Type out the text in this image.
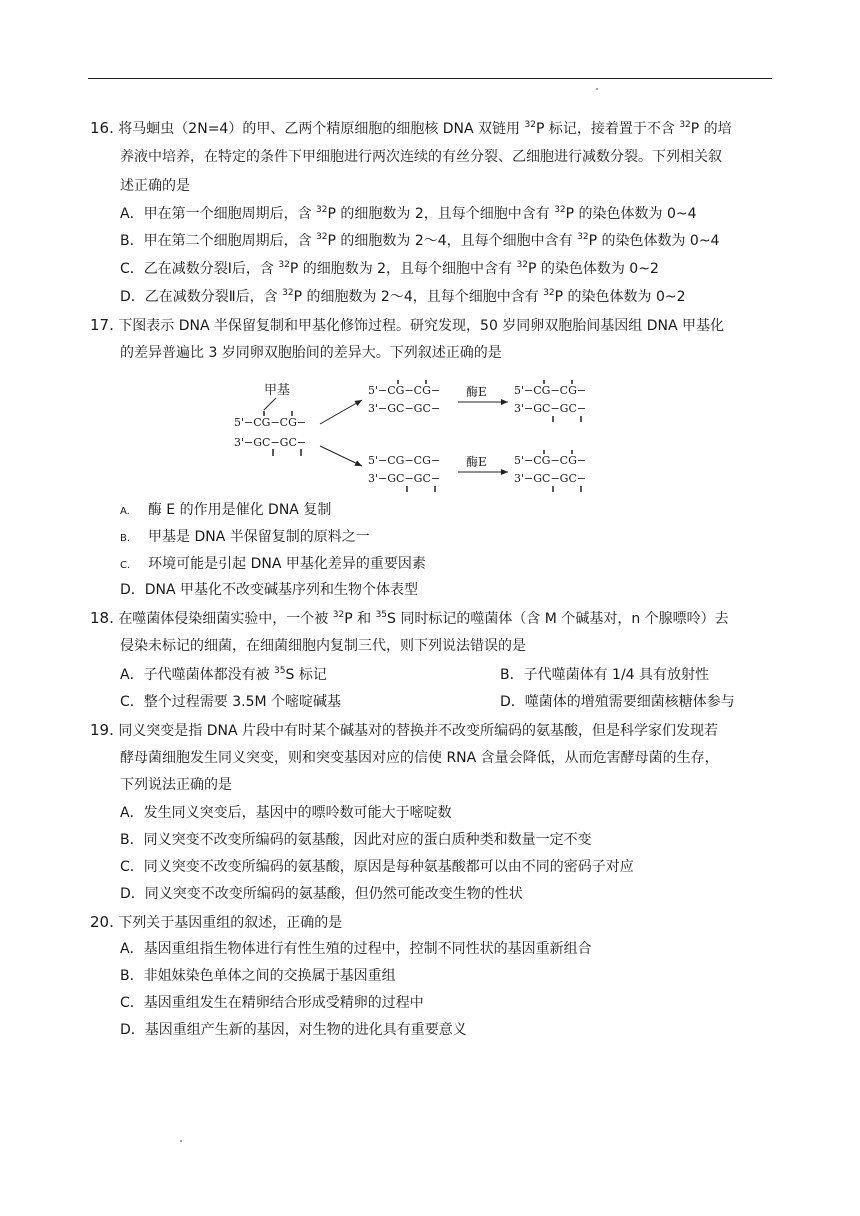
16. 将马蛔虫（2N=4）的甲、乙两个精原细胞的细胞核 DNA 双链用 $^{32}$P 标记，接着置于不含 $^{32}$P 的培
养液中培养，在特定的条件下甲细胞进行两次连续的有丝分裂、乙细胞进行减数分裂。下列相关叙
述正确的是
A．甲在第一个细胞周期后，含 $^{32}$P 的细胞数为 2，且每个细胞中含有 $^{32}$P 的染色体数为 0~4
B．甲在第二个细胞周期后，含 $^{32}$P 的细胞数为 2～4，且每个细胞中含有 $^{32}$P 的染色体数为 0~4
C．乙在减数分裂Ⅰ后，含 $^{32}$P 的细胞数为 2，且每个细胞中含有 $^{32}$P 的染色体数为 0~2
D．乙在减数分裂Ⅱ后，含 $^{32}$P 的细胞数为 2～4，且每个细胞中含有 $^{32}$P 的染色体数为 0~2
17. 下图表示 DNA 半保留复制和甲基化修饰过程。研究发现，50 岁同卵双胞胎间基因组 DNA 甲基化
的差异普遍比 3 岁同卵双胞胎间的差异大。下列叙述正确的是
甲基
5'−CG−CG−
3'−GC−GC−
5'−CG−CG−
3'−GC−GC−
酶E 5'−CG−CG−
3'−GC−GC−
5'−CG−CG−
3'−GC−GC−
酶E 5'−CG−CG−
3'−GC−GC−
A. 酶 E 的作用是催化 DNA 复制
B. 甲基是 DNA 半保留复制的原料之一
C. 环境可能是引起 DNA 甲基化差异的重要因素
D．DNA 甲基化不改变碱基序列和生物个体表型
18. 在噬菌体侵染细菌实验中，一个被 $^{32}$P 和 $^{35}$S 同时标记的噬菌体（含 M 个碱基对，n 个腺嘌呤）去
侵染未标记的细菌，在细菌细胞内复制三代，则下列说法错误的是
A．子代噬菌体都没有被 $^{35}$S 标记	B．子代噬菌体有 1/4 具有放射性
C．整个过程需要 3.5M 个嘧啶碱基	D．噬菌体的增殖需要细菌核糖体参与
19. 同义突变是指 DNA 片段中有时某个碱基对的替换并不改变所编码的氨基酸，但是科学家们发现若
酵母菌细胞发生同义突变，则和突变基因对应的信使 RNA 含量会降低，从而危害酵母菌的生存，
下列说法正确的是
A．发生同义突变后，基因中的嘌呤数可能大于嘧啶数
B．同义突变不改变所编码的氨基酸，因此对应的蛋白质种类和数量一定不变
C．同义突变不改变所编码的氨基酸，原因是每种氨基酸都可以由不同的密码子对应
D．同义突变不改变所编码的氨基酸，但仍然可能改变生物的性状
20. 下列关于基因重组的叙述，正确的是
A．基因重组指生物体进行有性生殖的过程中，控制不同性状的基因重新组合
B．非姐妹染色单体之间的交换属于基因重组
C．基因重组发生在精卵结合形成受精卵的过程中
D．基因重组产生新的基因，对生物的进化具有重要意义
